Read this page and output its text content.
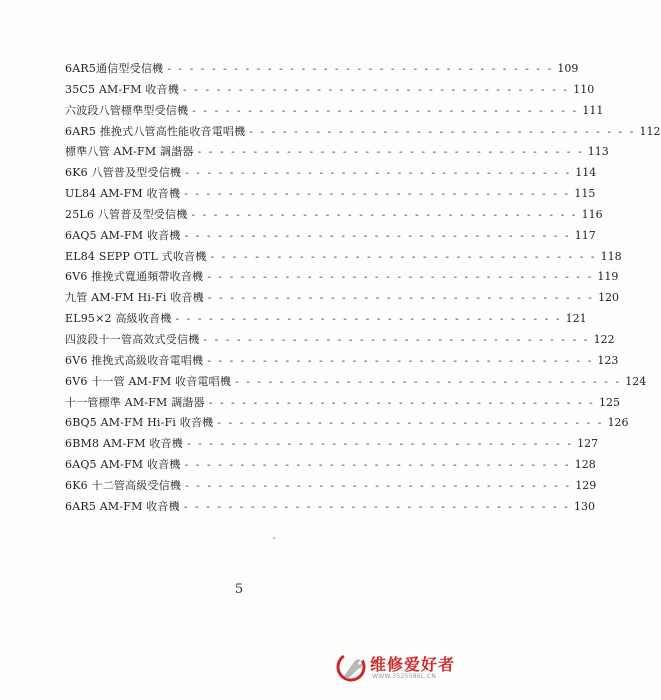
6AR5通信型受信機 - - - - - - - - - - - - - - - - - - - - - - - - - - - - - - - - - - - 109
35C5 AM-FM 收音機 - - - - - - - - - - - - - - - - - - - - - - - - - - - - - - - - - - - 110
六波段八管標準型受信機 - - - - - - - - - - - - - - - - - - - - - - - - - - - - - - - - - - - 111
6AR5 推挽式八管高性能收音電唱機 - - - - - - - - - - - - - - - - - - - - - - - - - - - - - - - - - - - 112
標準八管 AM-FM 調諧器 - - - - - - - - - - - - - - - - - - - - - - - - - - - - - - - - - - - 113
6K6 八管普及型受信機 - - - - - - - - - - - - - - - - - - - - - - - - - - - - - - - - - - - 114
UL84 AM-FM 收音機 - - - - - - - - - - - - - - - - - - - - - - - - - - - - - - - - - - - 115
25L6 八管普及型受信機 - - - - - - - - - - - - - - - - - - - - - - - - - - - - - - - - - - - 116
6AQ5 AM-FM 收音機 - - - - - - - - - - - - - - - - - - - - - - - - - - - - - - - - - - - 117
EL84 SEPP OTL 式收音機 - - - - - - - - - - - - - - - - - - - - - - - - - - - - - - - - - - - 118
6V6 推挽式寬通頻帶收音機 - - - - - - - - - - - - - - - - - - - - - - - - - - - - - - - - - - - 119
九管 AM-FM Hi-Fi 收音機 - - - - - - - - - - - - - - - - - - - - - - - - - - - - - - - - - - - 120
EL95×2 高級收音機 - - - - - - - - - - - - - - - - - - - - - - - - - - - - - - - - - - - 121
四波段十一管高效式受信機 - - - - - - - - - - - - - - - - - - - - - - - - - - - - - - - - - - - 122
6V6 推挽式高級收音電唱機 - - - - - - - - - - - - - - - - - - - - - - - - - - - - - - - - - - - 123
6V6 十一管 AM-FM 收音電唱機 - - - - - - - - - - - - - - - - - - - - - - - - - - - - - - - - - - - 124
十一管標準 AM-FM 調諧器 - - - - - - - - - - - - - - - - - - - - - - - - - - - - - - - - - - - 125
6BQ5 AM-FM Hi-Fi 收音機 - - - - - - - - - - - - - - - - - - - - - - - - - - - - - - - - - - - 126
6BM8 AM-FM 收音機 - - - - - - - - - - - - - - - - - - - - - - - - - - - - - - - - - - - 127
6AQ5 AM-FM 收音機 - - - - - - - - - - - - - - - - - - - - - - - - - - - - - - - - - - - 128
6K6 十二管高級受信機 - - - - - - - - - - - - - - - - - - - - - - - - - - - - - - - - - - - 129
6AR5 AM-FM 收音機 - - - - - - - - - - - - - - - - - - - - - - - - - - - - - - - - - - - 130
5
维修爱好者
WWW.3525586L.CN
